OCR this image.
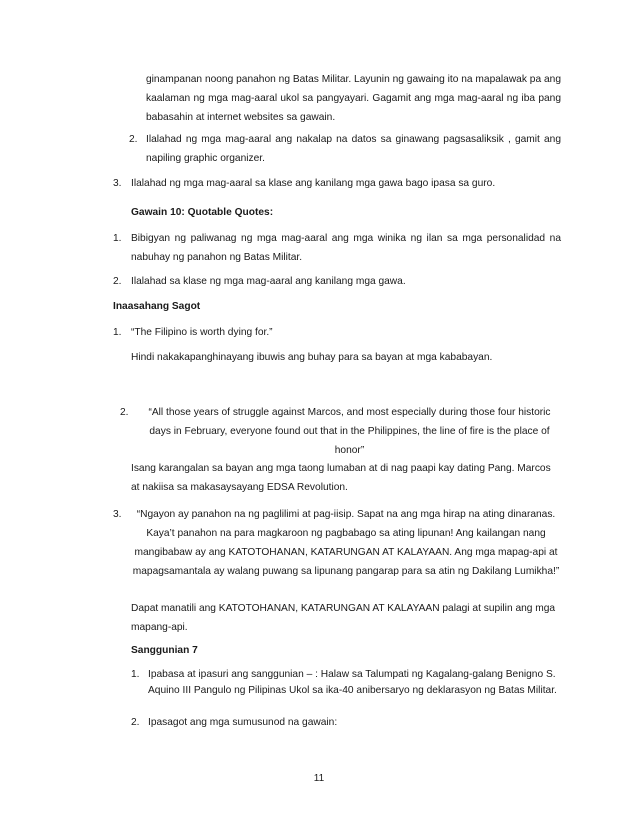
ginampanan noong panahon ng Batas Militar. Layunin ng gawaing ito na mapalawak pa ang kaalaman ng mga mag-aaral ukol sa pangyayari. Gagamit ang mga mag-aaral ng iba pang babasahin at internet websites sa gawain.
2. Ilalahad ng mga mag-aaral ang nakalap na datos sa ginawang pagsasaliksik , gamit ang napiling graphic organizer.
3. Ilalahad ng mga mag-aaral sa klase ang kanilang mga gawa bago ipasa sa guro.
Gawain 10: Quotable Quotes:
1. Bibigyan ng paliwanag ng mga mag-aaral ang mga winika ng ilan sa mga personalidad na nabuhay ng panahon ng Batas Militar.
2. Ilalahad sa klase ng mga mag-aaral ang kanilang mga gawa.
Inaasahang Sagot
1. “The Filipino is worth dying for.”
Hindi nakakapanghinayang ibuwis ang buhay para sa bayan at mga kababayan.
2.	“All those years of struggle against Marcos, and most especially during those four historic days in February, everyone found out that in the Philippines, the line of fire is the place of honor”
Isang karangalan sa bayan ang mga taong lumaban at di nag paapi kay dating Pang. Marcos at nakiisa sa makasaysayang EDSA Revolution.
3.	“Ngayon ay panahon na ng paglilimi at pag-iisip. Sapat na ang mga hirap na ating dinaranas. Kaya’t panahon na para magkaroon ng pagbabago sa ating lipunan! Ang kailangan nang mangibabaw ay ang KATOTOHANAN, KATARUNGAN AT KALAYAAN. Ang mga mapag-api at mapagsamantala ay walang puwang sa lipunang pangarap para sa atin ng Dakilang Lumikha!”
Dapat manatili ang KATOTOHANAN, KATARUNGAN AT KALAYAAN palagi at supilin ang mga mapang-api.
Sanggunian 7
1. Ipabasa at ipasuri ang sanggunian – : Halaw sa Talumpati ng Kagalang-galang Benigno S. Aquino III Pangulo ng Pilipinas Ukol sa ika-40 anibersaryo ng deklarasyon ng Batas Militar.
2. Ipasagot ang mga sumusunod na gawain:
11
